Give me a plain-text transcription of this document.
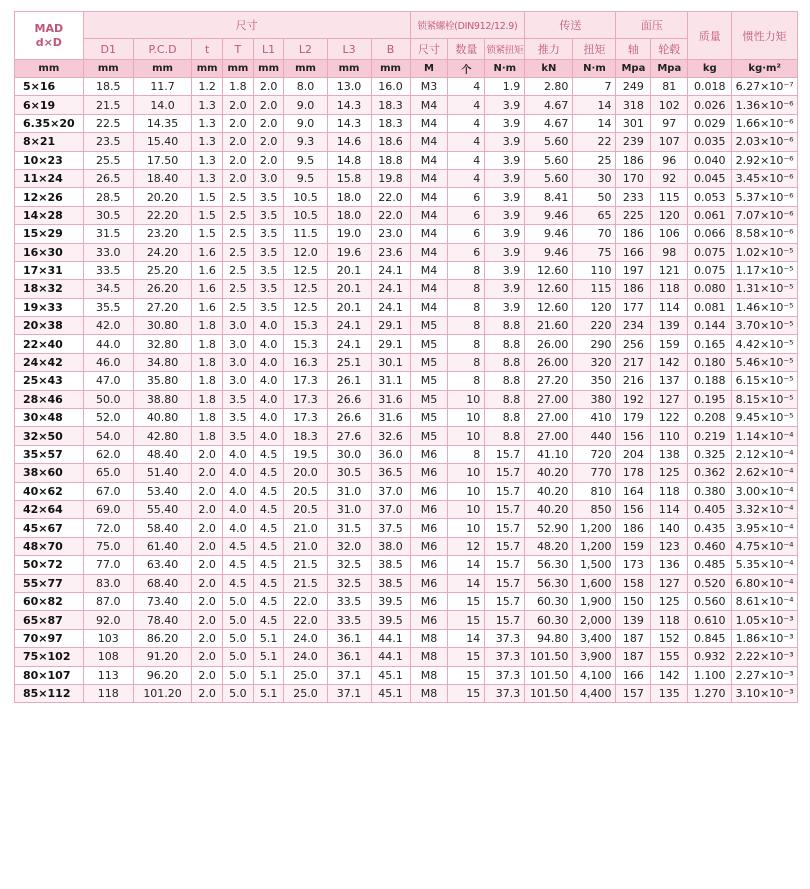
MAD
d×D	尺寸								锁紧螺栓(DIN912/12.9)			传送		面压		质量	惯性力矩
	D1	P.C.D	t	T	L1	L2	L3	B	尺寸	数量	锁紧扭矩	推力	扭矩	轴	轮毂		
mm	mm	mm	mm	mm	mm	mm	mm	mm	M	个	N·m	kN	N·m	Mpa	Mpa	kg	kg·m²
5×16	18.5	11.7	1.2	1.8	2.0	8.0	13.0	16.0	M3	4	1.9	2.80	7	249	81	0.018	6.27×10⁻⁷
6×19	21.5	14.0	1.3	2.0	2.0	9.0	14.3	18.3	M4	4	3.9	4.67	14	318	102	0.026	1.36×10⁻⁶
6.35×20	22.5	14.35	1.3	2.0	2.0	9.0	14.3	18.3	M4	4	3.9	4.67	14	301	97	0.029	1.66×10⁻⁶
8×21	23.5	15.40	1.3	2.0	2.0	9.3	14.6	18.6	M4	4	3.9	5.60	22	239	107	0.035	2.03×10⁻⁶
10×23	25.5	17.50	1.3	2.0	2.0	9.5	14.8	18.8	M4	4	3.9	5.60	25	186	96	0.040	2.92×10⁻⁶
11×24	26.5	18.40	1.3	2.0	3.0	9.5	15.8	19.8	M4	4	3.9	5.60	30	170	92	0.045	3.45×10⁻⁶
12×26	28.5	20.20	1.5	2.5	3.5	10.5	18.0	22.0	M4	6	3.9	8.41	50	233	115	0.053	5.37×10⁻⁶
14×28	30.5	22.20	1.5	2.5	3.5	10.5	18.0	22.0	M4	6	3.9	9.46	65	225	120	0.061	7.07×10⁻⁶
15×29	31.5	23.20	1.5	2.5	3.5	11.5	19.0	23.0	M4	6	3.9	9.46	70	186	106	0.066	8.58×10⁻⁶
16×30	33.0	24.20	1.6	2.5	3.5	12.0	19.6	23.6	M4	6	3.9	9.46	75	166	98	0.075	1.02×10⁻⁵
17×31	33.5	25.20	1.6	2.5	3.5	12.5	20.1	24.1	M4	8	3.9	12.60	110	197	121	0.075	1.17×10⁻⁵
18×32	34.5	26.20	1.6	2.5	3.5	12.5	20.1	24.1	M4	8	3.9	12.60	115	186	118	0.080	1.31×10⁻⁵
19×33	35.5	27.20	1.6	2.5	3.5	12.5	20.1	24.1	M4	8	3.9	12.60	120	177	114	0.081	1.46×10⁻⁵
20×38	42.0	30.80	1.8	3.0	4.0	15.3	24.1	29.1	M5	8	8.8	21.60	220	234	139	0.144	3.70×10⁻⁵
22×40	44.0	32.80	1.8	3.0	4.0	15.3	24.1	29.1	M5	8	8.8	26.00	290	256	159	0.165	4.42×10⁻⁵
24×42	46.0	34.80	1.8	3.0	4.0	16.3	25.1	30.1	M5	8	8.8	26.00	320	217	142	0.180	5.46×10⁻⁵
25×43	47.0	35.80	1.8	3.0	4.0	17.3	26.1	31.1	M5	8	8.8	27.20	350	216	137	0.188	6.15×10⁻⁵
28×46	50.0	38.80	1.8	3.5	4.0	17.3	26.6	31.6	M5	10	8.8	27.00	380	192	127	0.195	8.15×10⁻⁵
30×48	52.0	40.80	1.8	3.5	4.0	17.3	26.6	31.6	M5	10	8.8	27.00	410	179	122	0.208	9.45×10⁻⁵
32×50	54.0	42.80	1.8	3.5	4.0	18.3	27.6	32.6	M5	10	8.8	27.00	440	156	110	0.219	1.14×10⁻⁴
35×57	62.0	48.40	2.0	4.0	4.5	19.5	30.0	36.0	M6	8	15.7	41.10	720	204	138	0.325	2.12×10⁻⁴
38×60	65.0	51.40	2.0	4.0	4.5	20.0	30.5	36.5	M6	10	15.7	40.20	770	178	125	0.362	2.62×10⁻⁴
40×62	67.0	53.40	2.0	4.0	4.5	20.5	31.0	37.0	M6	10	15.7	40.20	810	164	118	0.380	3.00×10⁻⁴
42×64	69.0	55.40	2.0	4.0	4.5	20.5	31.0	37.0	M6	10	15.7	40.20	850	156	114	0.405	3.32×10⁻⁴
45×67	72.0	58.40	2.0	4.0	4.5	21.0	31.5	37.5	M6	10	15.7	52.90	1,200	186	140	0.435	3.95×10⁻⁴
48×70	75.0	61.40	2.0	4.5	4.5	21.0	32.0	38.0	M6	12	15.7	48.20	1,200	159	123	0.460	4.75×10⁻⁴
50×72	77.0	63.40	2.0	4.5	4.5	21.5	32.5	38.5	M6	14	15.7	56.30	1,500	173	136	0.485	5.35×10⁻⁴
55×77	83.0	68.40	2.0	4.5	4.5	21.5	32.5	38.5	M6	14	15.7	56.30	1,600	158	127	0.520	6.80×10⁻⁴
60×82	87.0	73.40	2.0	5.0	4.5	22.0	33.5	39.5	M6	15	15.7	60.30	1,900	150	125	0.560	8.61×10⁻⁴
65×87	92.0	78.40	2.0	5.0	4.5	22.0	33.5	39.5	M6	15	15.7	60.30	2,000	139	118	0.610	1.05×10⁻³
70×97	103	86.20	2.0	5.0	5.1	24.0	36.1	44.1	M8	14	37.3	94.80	3,400	187	152	0.845	1.86×10⁻³
75×102	108	91.20	2.0	5.0	5.1	24.0	36.1	44.1	M8	15	37.3	101.50	3,900	187	155	0.932	2.22×10⁻³
80×107	113	96.20	2.0	5.0	5.1	25.0	37.1	45.1	M8	15	37.3	101.50	4,100	166	142	1.100	2.27×10⁻³
85×112	118	101.20	2.0	5.0	5.1	25.0	37.1	45.1	M8	15	37.3	101.50	4,400	157	135	1.270	3.10×10⁻³
